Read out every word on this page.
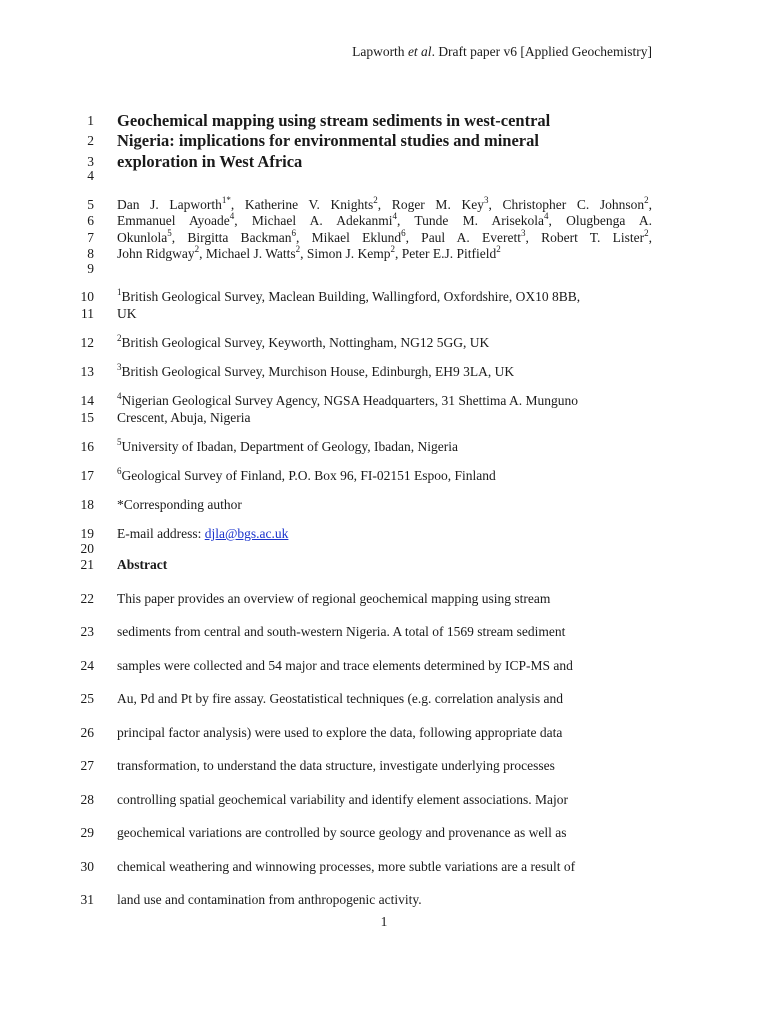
Lapworth et al. Draft paper v6 [Applied Geochemistry]
1
2
3
4
5
6
7
8
9
10
11
12
13
14
15
16
17
18
19
20
21
22
23
24
25
26
27
28
29
30
31
Geochemical mapping using stream sediments in west-central
Nigeria: implications for environmental studies and mineral
exploration in West Africa
Dan J. Lapworth$^{1*}$, Katherine V. Knights$^2$, Roger M. Key$^3$, Christopher C. Johnson$^2$,
Emmanuel Ayoade$^4$, Michael A. Adekanmi$^4$, Tunde M. Arisekola$^4$, Olugbenga A.
Okunlola$^5$, Birgitta Backman$^6$, Mikael Eklund$^6$, Paul A. Everett$^3$, Robert T. Lister$^2$,
John Ridgway$^2$, Michael J. Watts$^2$, Simon J. Kemp$^2$, Peter E.J. Pitfield$^2$
$^1$British Geological Survey, Maclean Building, Wallingford, Oxfordshire, OX10 8BB,
UK
$^2$British Geological Survey, Keyworth, Nottingham, NG12 5GG, UK
$^3$British Geological Survey, Murchison House, Edinburgh, EH9 3LA, UK
$^4$Nigerian Geological Survey Agency, NGSA Headquarters, 31 Shettima A. Munguno
Crescent, Abuja, Nigeria
$^5$University of Ibadan, Department of Geology, Ibadan, Nigeria
$^6$Geological Survey of Finland, P.O. Box 96, FI-02151 Espoo, Finland
*Corresponding author
E-mail address: djla@bgs.ac.uk
Abstract
This paper provides an overview of regional geochemical mapping using stream
sediments from central and south-western Nigeria. A total of 1569 stream sediment
samples were collected and 54 major and trace elements determined by ICP-MS and
Au, Pd and Pt by fire assay. Geostatistical techniques (e.g. correlation analysis and
principal factor analysis) were used to explore the data, following appropriate data
transformation, to understand the data structure, investigate underlying processes
controlling spatial geochemical variability and identify element associations. Major
geochemical variations are controlled by source geology and provenance as well as
chemical weathering and winnowing processes, more subtle variations are a result of
land use and contamination from anthropogenic activity.
1
